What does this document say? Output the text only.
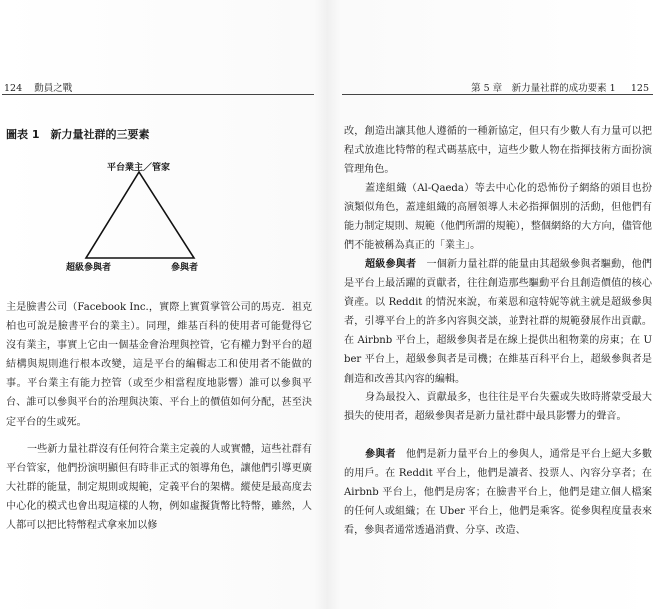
124 動員之戰	第 5 章　新力量社群的成功要素 1 125
圖表 1　新力量社群的三要素
平台業主／管家
超級參與者	參與者

主是臉書公司（Facebook Inc.，實際上實質掌管公司的馬克．祖克柏也可說是臉書平台的業主）。同理，維基百科的使用者可能覺得它沒有業主，事實上它由一個基金會治理與控管，它有權力對平台的超結構與規則進行根本改變，這是平台的編輯志工和使用者不能做的事。平台業主有能力控管（或至少相當程度地影響）誰可以參與平台、誰可以參與平台的治理與決策、平台上的價值如何分配，甚至決定平台的生或死。

一些新力量社群沒有任何符合業主定義的人或實體，這些社群有平台管家，他們扮演明顯但有時非正式的領導角色，讓他們引導更廣大社群的能量，制定規則或規範，定義平台的架構。縱使是最高度去中心化的模式也會出現這樣的人物，例如虛擬貨幣比特幣，雖然，人人都可以把比特幣程式拿來加以修

改，創造出讓其他人遵循的一種新協定，但只有少數人有力量可以把程式放進比特幣的程式碼基底中，這些少數人物在指揮技術方面扮演管理角色。

蓋達組織（Al-Qaeda）等去中心化的恐怖份子網絡的頭目也扮演類似角色，蓋達組織的高層領導人未必指揮個別的活動，但他們有能力制定規則、規範（他們所謂的規範），整個網絡的大方向，儘管他們不能被稱為真正的「業主」。

超級參與者　一個新力量社群的能量由其超級參與者驅動，他們是平台上最活躍的貢獻者，往往創造那些驅動平台且創造價值的核心資產。以 Reddit 的情況來說，布萊恩和寇特妮等就主就是超級參與者，引導平台上的許多內容與交談，並對社群的規範發展作出貢獻。在 Airbnb 平台上，超級參與者是在線上提供出租物業的房東；在 Uber 平台上，超級參與者是司機；在維基百科平台上，超級參與者是創造和改善其內容的編輯。

身為最投入、貢獻最多，也往往是平台失靈或失敗時將蒙受最大損失的使用者，超級參與者是新力量社群中最具影響力的聲音。

參與者　他們是新力量平台上的參與人，通常是平台上絕大多數的用戶。在 Reddit 平台上，他們是讀者、投票人、內容分享者；在 Airbnb 平台上，他們是房客；在臉書平台上，他們是建立個人檔案的任何人或組織；在 Uber 平台上，他們是乘客。從參與程度量表來看，參與者通常透過消費、分享、改造、
